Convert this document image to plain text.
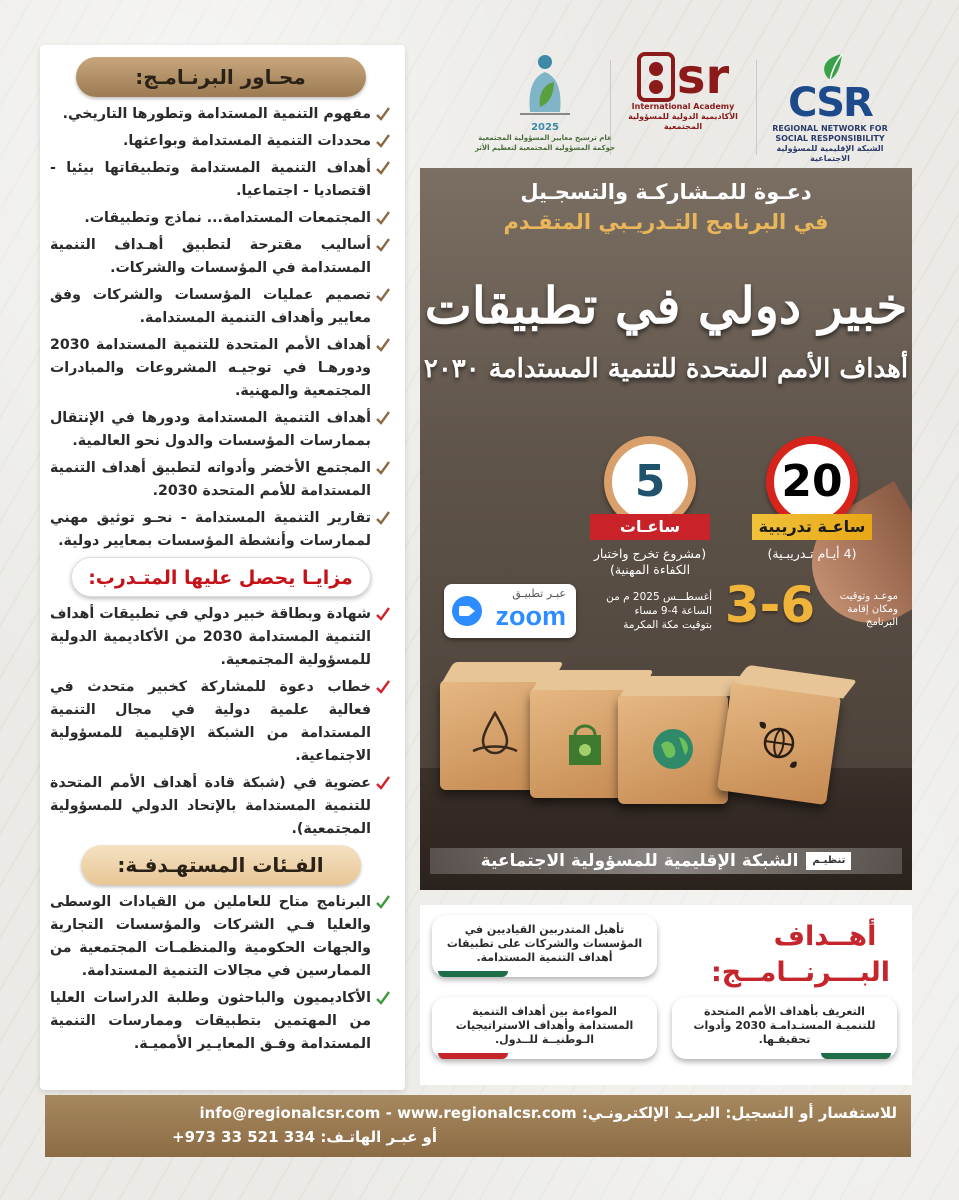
محـاور البرنـامـج:
مفهوم التنمية المستدامة وتطورها التاريخي.
محددات التنمية المستدامة وبواعثها.
أهداف التنمية المستدامة وتطبيقاتها بيئيا - اقتصاديا - اجتماعيا.
المجتمعات المستدامة... نماذج وتطبيقات.
أساليب مقترحة لتطبيق أهـداف التنمية المستدامة في المؤسسات والشركات.
تصميم عمليات المؤسسات والشركات وفق معايير وأهداف التنمية المستدامة.
أهداف الأمم المتحدة للتنمية المستدامة 2030 ودورهـا في توجيـه المشروعات والمبادرات المجتمعية والمهنية.
أهداف التنمية المستدامة ودورها في الإنتقال بممارسات المؤسسات والدول نحو العالمية.
المجتمع الأخضر وأدواته لتطبيق أهداف التنمية المستدامة للأمم المتحدة 2030.
تقارير التنمية المستدامة - نحـو توثيق مهني لممارسات وأنشطة المؤسسات بمعايير دولية.
مزايـا يحصل عليها المتـدرب:
شهادة وبطاقة خبير دولي في تطبيقات أهداف التنمية المستدامة 2030 من الأكاديمية الدولية للمسؤولية المجتمعية.
خطاب دعوة للمشاركة كخبير متحدث في فعالية علمية دولية في مجال التنمية المستدامة من الشبكة الإقليمية للمسؤولية الاجتماعية.
عضوية في (شبكة قادة أهداف الأمم المتحدة للتنمية المستدامة بالإتحاد الدولي للمسؤولية المجتمعية).
الفـئات المستهـدفـة:
البرنامج متاح للعاملين من القيادات الوسطى والعليا فـي الشركات والمؤسسات التجارية والجهات الحكومية والمنظمـات المجتمعية من الممارسين في مجالات التنمية المستدامة.
الأكاديميون والباحثون وطلبة الدراسات العليا من المهتمين بتطبيقات وممارسات التنمية المستدامة وفـق المعايـير الأمميـة.
CSR
REGIONAL NETWORK FOR SOCIAL RESPONSIBILITY
الشبكة الإقليمية للمسؤولية الاجتماعية
sr
International Academy
الأكاديمية الدولية للمسؤولية المجتمعية
2025
عام ترسيخ معايير المسؤولية المجتمعية
حوكمة المسؤولية المجتمعية لتعظيم الأثر
دعـوة للمـشاركـة والتسجـيل
في البرنامج التـدريـبي المتقـدم
خبير دولي في تطبيقات
أهداف الأمم المتحدة للتنمية المستدامة ٢٠٣٠
20
ساعـة تدريبية
(4 أيـام تـدريبـية)
5
ساعـات
(مشروع تخرج واختبار الكفاءة المهنية)
موعـد وتوقيت ومكان إقامة البرنامج
3-6
أغسطـــس 2025 م من الساعة 4-9 مساء بتوقيت مكة المكرمة
عبـر تطبيـق
zoom
تنظيـمالشبكة الإقليمية للمسؤولية الاجتماعية
أهــداف البـــرنــامــج:
تأهيل المتدربين القياديين في المؤسسات والشركات على تطبيقات أهداف التنمية المستدامة.
المواءمة بين أهداف التنمية المستدامة وأهداف الاستراتيجيات الـوطنيــة للــدول.
التعريف بأهداف الأمم المتحدة للتنميـة المستـدامـة 2030 وأدوات تحقيقـها.
للاستفسار أو التسجيل: البريـد الإلكترونـي: info@regionalcsr.com - www.regionalcsr.com
أو عبـر الهاتـف: 334 521 33 973+
